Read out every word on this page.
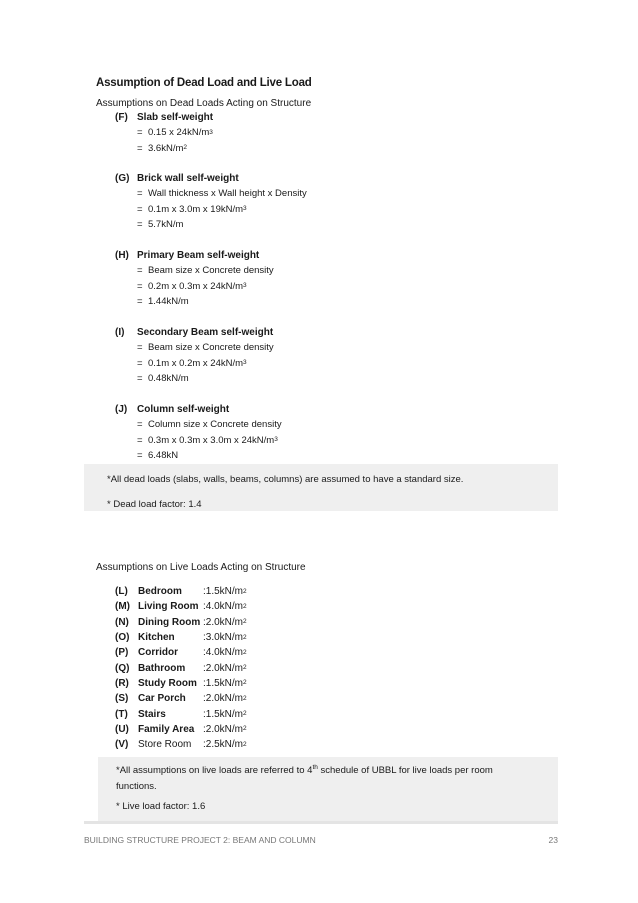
Assumption of Dead Load and Live Load
Assumptions on Dead Loads Acting on Structure
(F) Slab self-weight
= 0.15 x 24kN/m 3
= 3.6kN/m 2
(G) Brick wall self-weight
= Wall thickness x Wall height x Density
= 0.1m x 3.0m x 19kN/m 3
= 5.7kN/m
(H) Primary Beam self-weight
= Beam size x Concrete density
= 0.2m x 0.3m x 24kN/m 3
= 1.44kN/m
(I)	Secondary Beam self-weight
= Beam size x Concrete density
= 0.1m x 0.2m x 24kN/m 3
= 0.48kN/m
(J) Column self-weight
= Column size x Concrete density
= 0.3m x 0.3m x 3.0m x 24kN/m 3
= 6.48kN
*All dead loads (slabs, walls, beams, columns) are assumed to have a standard size.
* Dead load factor: 1.4
Assumptions on Live Loads Acting on Structure
(L)	Bedroom	:1.5kN/m 2
(M) Living Room :4.0kN/m 2
(N) Dining Room :2.0kN/m 2
(O) Kitchen	:3.0kN/m 2
(P) Corridor	:4.0kN/m 2
(Q) Bathroom	:2.0kN/m 2
(R) Study Room :1.5kN/m 2
(S) Car Porch	:2.0kN/m 2
(T)	Stairs	:1.5kN/m 2
(U) Family Area :2.0kN/m 2
(V) Store Room	:2.5kN/m 2
*All assumptions on live loads are referred to 4th schedule of UBBL for live loads per room
functions.
* Live load factor: 1.6
BUILDING STRUCTURE PROJECT 2: BEAM AND COLUMN	23
